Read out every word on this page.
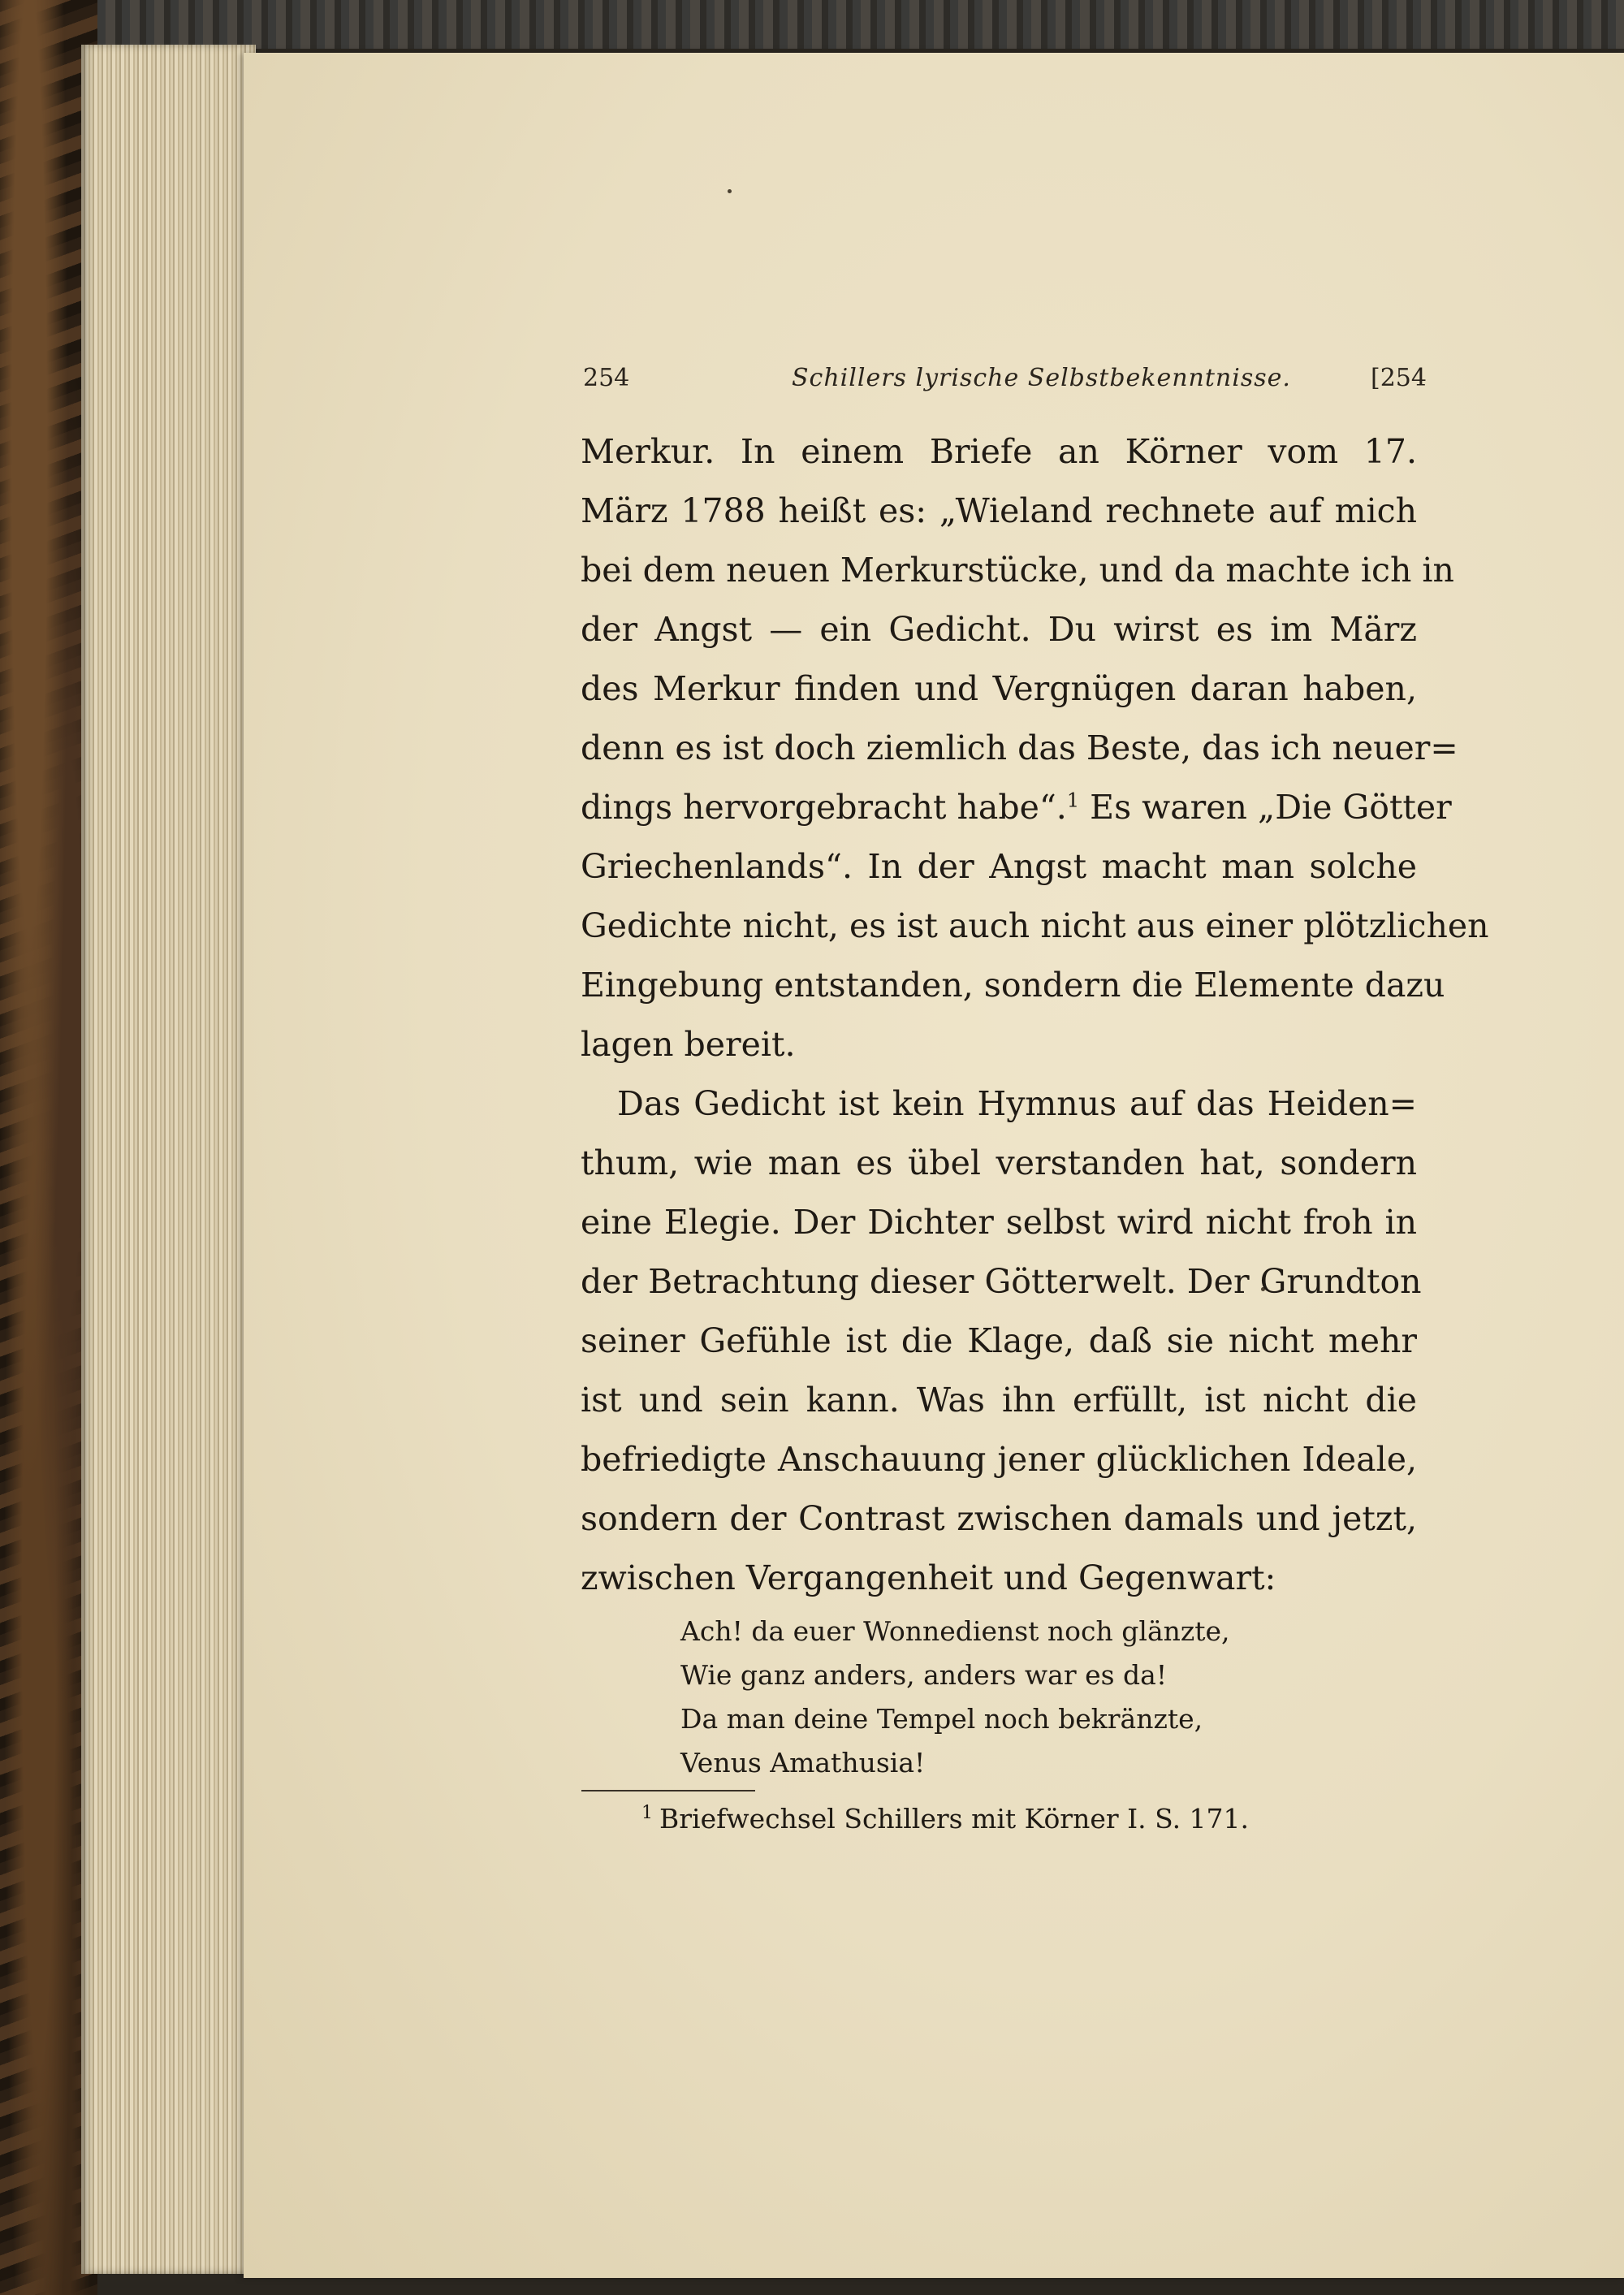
254	Schillers lyrische Selbstbekenntnisse.	[254
Merkur. In einem Briefe an Körner vom 17.
März 1788 heißt es: „Wieland rechnete auf mich
bei dem neuen Merkurstücke, und da machte ich in
der Angst — ein Gedicht. Du wirst es im März
des Merkur finden und Vergnügen daran haben,
denn es ist doch ziemlich das Beste, das ich neuer=
dings hervorgebracht habe“.$^1$ Es waren „Die Götter
Griechenlands“. In der Angst macht man solche
Gedichte nicht, es ist auch nicht aus einer plötzlichen
Eingebung entstanden, sondern die Elemente dazu
lagen bereit.
Das Gedicht ist kein Hymnus auf das Heiden=
thum, wie man es übel verstanden hat, sondern
eine Elegie. Der Dichter selbst wird nicht froh in
der Betrachtung dieser Götterwelt. Der Grundton
seiner Gefühle ist die Klage, daß sie nicht mehr
ist und sein kann. Was ihn erfüllt, ist nicht die
befriedigte Anschauung jener glücklichen Ideale,
sondern der Contrast zwischen damals und jetzt,
zwischen Vergangenheit und Gegenwart:
Ach! da euer Wonnedienst noch glänzte,
Wie ganz anders, anders war es da!
Da man deine Tempel noch bekränzte,
Venus Amathusia!
$^1$ Briefwechsel Schillers mit Körner I. S. 171.
